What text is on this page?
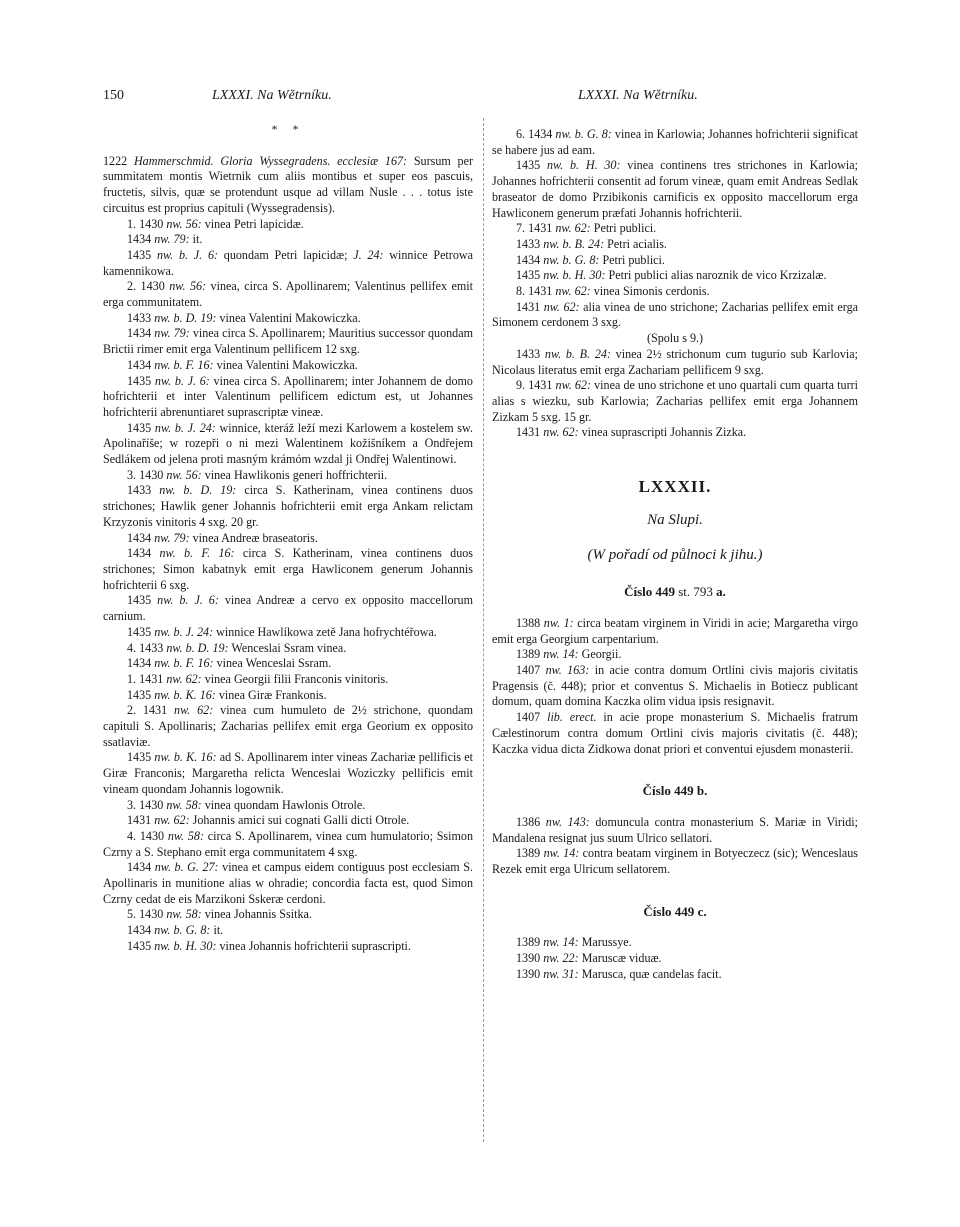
150	LXXXI. Na Wětrníku.	LXXXI. Na Wětrníku.
* *

1222 Hammerschmid. Gloria Wyssegradens. ecclesiæ 167: Sursum per summitatem montis Wietrnik cum aliis montibus et super eos pascuis, fructetis, silvis, quæ se protendunt usque ad villam Nusle . . . totus iste circuitus est proprius capituli (Wyssegradensis).

1. 1430 nw. 56: vinea Petri lapicidæ.

1434 nw. 79: it.

1435 nw. b. J. 6: quondam Petri lapicidæ; J. 24: winnice Petrowa kamennikowa.

2. 1430 nw. 56: vinea, circa S. Apollinarem; Valentinus pellifex emit erga communitatem.

1433 nw. b. D. 19: vinea Valentini Makowiczka.

1434 nw. 79: vinea circa S. Apollinarem; Mauritius successor quondam Brictii rimer emit erga Valentinum pellificem 12 sxg.

1434 nw. b. F. 16: vinea Valentini Makowiczka.

1435 nw. b. J. 6: vinea circa S. Apollinarem; inter Johannem de domo hofrichterii et inter Valentinum pellificem edictum est, ut Johannes hofrichterii abrenuntiaret suprascriptæ vineæ.

1435 nw. b. J. 24: winnice, kteráž leží mezi Karlowem a kostelem sw. Apolinaříše; w rozepři o ni mezi Walentinem kožišníkem a Ondřejem Sedlákem od jelena proti masným krámóm wzdal ji Ondřej Walentinowi.

3. 1430 nw. 56: vinea Hawlikonis generi hoffrichterii.

1433 nw. b. D. 19: circa S. Katherinam, vinea continens duos strichones; Hawlik gener Johannis hofrichterii emit erga Ankam relictam Krzyzonis vinitoris 4 sxg. 20 gr.

1434 nw. 79: vinea Andreæ braseatoris.

1434 nw. b. F. 16: circa S. Katherinam, vinea continens duos strichones; Simon kabatnyk emit erga Hawliconem generum Johannis hofrichterii 6 sxg.

1435 nw. b. J. 6: vinea Andreæ a cervo ex opposito maccellorum carnium.

1435 nw. b. J. 24: winnice Hawlíkowa zetě Jana hofrychtéřowa.

4. 1433 nw. b. D. 19: Wenceslai Ssram vinea.

1434 nw. b. F. 16: vinea Wenceslai Ssram.

1. 1431 nw. 62: vinea Georgii filii Franconis vinitoris.

1435 nw. b. K. 16: vinea Giræ Frankonis.

2. 1431 nw. 62: vinea cum humuleto de 2½ strichone, quondam capituli S. Apollinaris; Zacharias pellifex emit erga Georium ex opposito ssatlaviæ.

1435 nw. b. K. 16: ad S. Apollinarem inter vineas Zachariæ pellificis et Giræ Franconis; Margaretha relicta Wenceslai Woziczky pellificis emit vineam quondam Johannis logownik.

3. 1430 nw. 58: vinea quondam Hawlonis Otrole.

1431 nw. 62: Johannis amici sui cognati Galli dicti Otrole.

4. 1430 nw. 58: circa S. Apollinarem, vinea cum humulatorio; Ssimon Czrny a S. Stephano emit erga communitatem 4 sxg.

1434 nw. b. G. 27: vinea et campus eidem contiguus post ecclesiam S. Apollinaris in munitione alias w ohradie; concordia facta est, quod Simon Czrny cedat de eis Marzikoni Sskeræ cerdoni.

5. 1430 nw. 58: vinea Johannis Ssitka.

1434 nw. b. G. 8: it.

1435 nw. b. H. 30: vinea Johannis hofrichterii suprascripti.

6. 1434 nw. b. G. 8: vinea in Karlowia; Johannes hofrichterii significat se habere jus ad eam.

1435 nw. b. H. 30: vinea continens tres strichones in Karlowia; Johannes hofrichterii consentit ad forum vineæ, quam emit Andreas Sedlak braseator de domo Przibikonis carnificis ex opposito maccellorum erga Hawliconem generum præfati Johannis hofrichterii.

7. 1431 nw. 62: Petri publici.

1433 nw. b. B. 24: Petri acialis.

1434 nw. b. G. 8: Petri publici.

1435 nw. b. H. 30: Petri publici alias naroznik de vico Krzizalæ.

8. 1431 nw. 62: vinea Simonis cerdonis.

1431 nw. 62: alia vinea de uno strichone; Zacharias pellifex emit erga Simonem cerdonem 3 sxg.

(Spolu s 9.)

1433 nw. b. B. 24: vinea 2½ strichonum cum tugurio sub Karlovia; Nicolaus literatus emit erga Zachariam pellificem 9 sxg.

9. 1431 nw. 62: vinea de uno strichone et uno quartali cum quarta turri alias s wiezku, sub Karlowia; Zacharias pellifex emit erga Johannem Zizkam 5 sxg. 15 gr.

1431 nw. 62: vinea suprascripti Johannis Zizka.

LXXXII.
Na Slupi.
(W pořadí od půlnoci k jihu.)
Číslo 449 st. 793 a.

1388 nw. 1: circa beatam virginem in Viridi in acie; Margaretha virgo emit erga Georgium carpentarium.

1389 nw. 14: Georgii.

1407 nw. 163: in acie contra domum Ortlini civis majoris civitatis Pragensis (č. 448); prior et conventus S. Michaelis in Botiecz publicant domum, quam domina Kaczka olim vidua ipsis resignavit.

1407 lib. erect. in acie prope monasterium S. Michaelis fratrum Cælestinorum contra domum Ortlini civis majoris civitatis (č. 448); Kaczka vidua dicta Zidkowa donat priori et conventui ejusdem monasterii.

Číslo 449 b.

1386 nw. 143: domuncula contra monasterium S. Mariæ in Viridi; Mandalena resignat jus suum Ulrico sellatori.

1389 nw. 14: contra beatam virginem in Botyeczecz (sic); Wenceslaus Rezek emit erga Ulricum sellatorem.

Číslo 449 c.

1389 nw. 14: Marussye.

1390 nw. 22: Maruscæ viduæ.

1390 nw. 31: Marusca, quæ candelas facit.
